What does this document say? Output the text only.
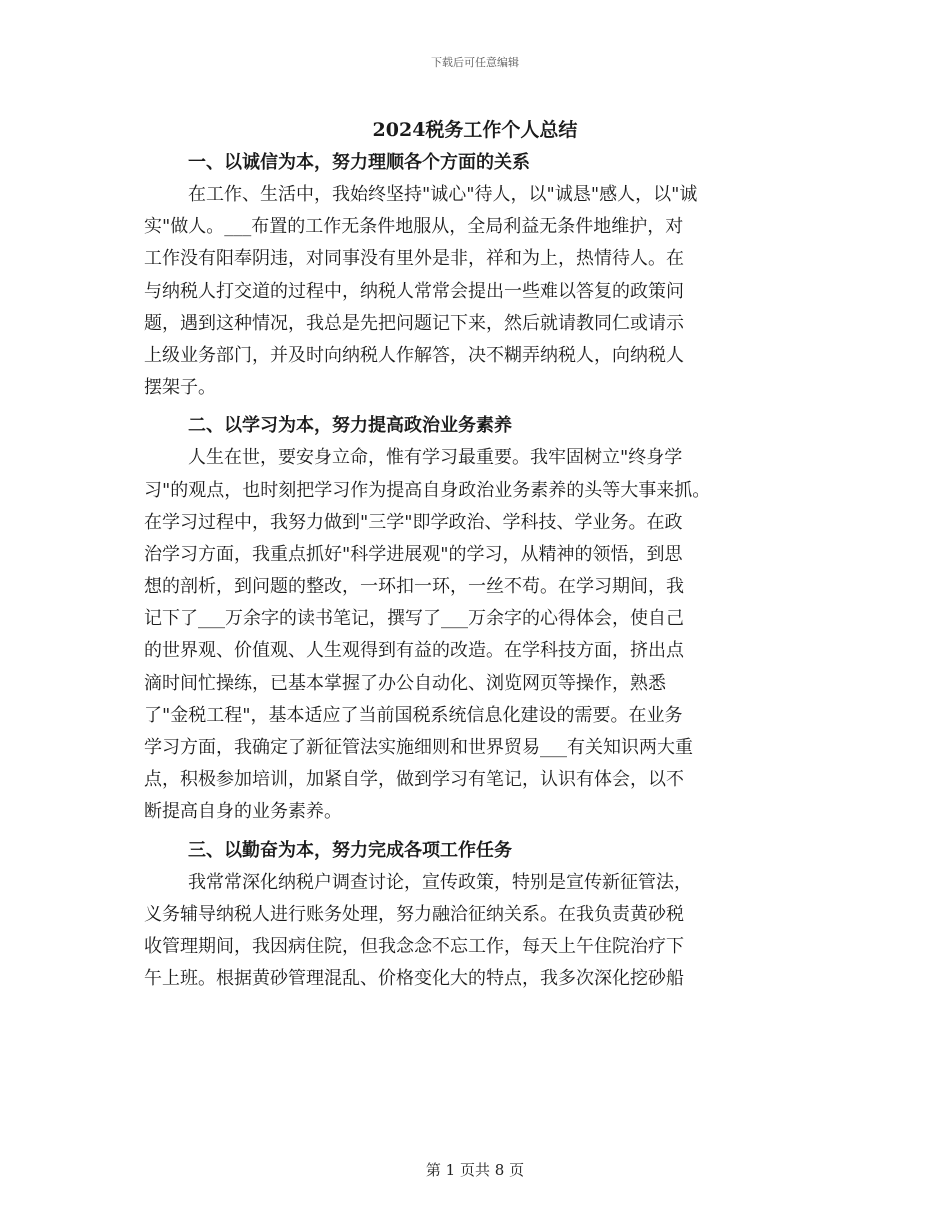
下载后可任意编辑
2024税务工作个人总结
一、以诚信为本，努力理顺各个方面的关系
在工作、生活中，我始终坚持"诚心"待人，以"诚恳"感人，以"诚
实"做人。___布置的工作无条件地服从，全局利益无条件地维护，对
工作没有阳奉阴违，对同事没有里外是非，祥和为上，热情待人。在
与纳税人打交道的过程中，纳税人常常会提出一些难以答复的政策问
题，遇到这种情况，我总是先把问题记下来，然后就请教同仁或请示
上级业务部门，并及时向纳税人作解答，决不糊弄纳税人，向纳税人
摆架子。
二、以学习为本，努力提高政治业务素养
人生在世，要安身立命，惟有学习最重要。我牢固树立"终身学
习"的观点，也时刻把学习作为提高自身政治业务素养的头等大事来抓。
在学习过程中，我努力做到"三学"即学政治、学科技、学业务。在政
治学习方面，我重点抓好"科学进展观"的学习，从精神的领悟，到思
想的剖析，到问题的整改，一环扣一环，一丝不苟。在学习期间，我
记下了___万余字的读书笔记，撰写了___万余字的心得体会，使自己
的世界观、价值观、人生观得到有益的改造。在学科技方面，挤出点
滴时间忙操练，已基本掌握了办公自动化、浏览网页等操作，熟悉
了"金税工程"，基本适应了当前国税系统信息化建设的需要。在业务
学习方面，我确定了新征管法实施细则和世界贸易___有关知识两大重
点，积极参加培训，加紧自学，做到学习有笔记，认识有体会，以不
断提高自身的业务素养。
三、以勤奋为本，努力完成各项工作任务
我常常深化纳税户调查讨论，宣传政策，特别是宣传新征管法，
义务辅导纳税人进行账务处理，努力融洽征纳关系。在我负责黄砂税
收管理期间，我因病住院，但我念念不忘工作，每天上午住院治疗下
午上班。根据黄砂管理混乱、价格变化大的特点，我多次深化挖砂船
第 1 页共 8 页
